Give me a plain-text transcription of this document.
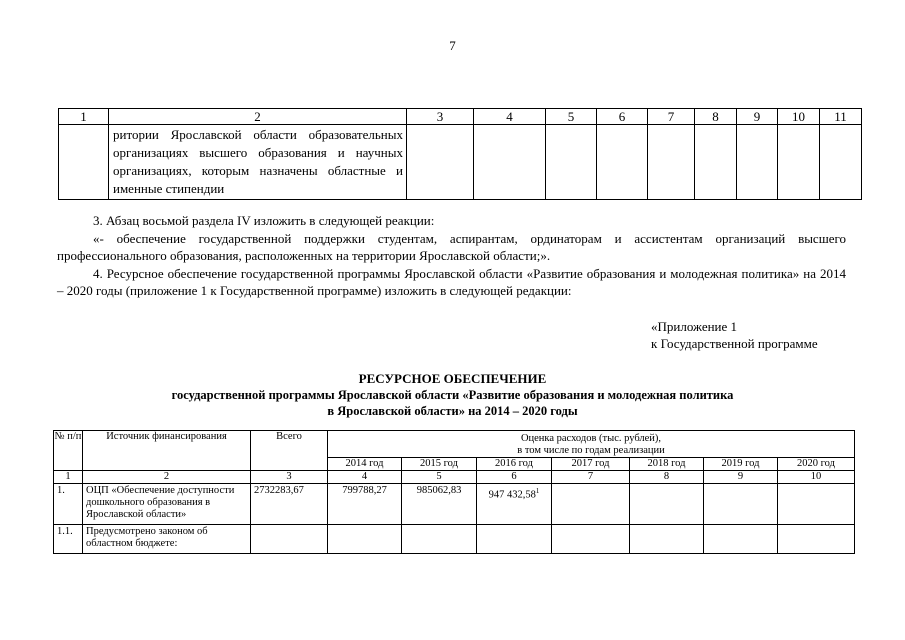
7
1	2	3	4	5	6	7	8	9	10	11
	ритории Ярославской области образовательных организациях высшего образования и научных организациях, которым назначены областные и именные стипендии									

3. Абзац восьмой раздела IV изложить в следующей реакции:

«- обеспечение государственной поддержки студентам, аспирантам, ординаторам и ассистентам организаций высшего профессионального образования, расположенных на территории Ярославской области;».

4. Ресурсное обеспечение государственной программы Ярославской области «Развитие образования и молодежная политика» на 2014 – 2020 годы (приложение 1 к Государственной программе) изложить в следующей редакции:

«Приложение 1
к Государственной программе
РЕСУРСНОЕ ОБЕСПЕЧЕНИЕ
государственной программы Ярославской области «Развитие образования и молодежная политика
в Ярославской области» на 2014 – 2020 годы
№ п/п	Источник финансирования	Всего	Оценка расходов (тыс. рублей),
в том числе по годам реализации						

			2014 год	2015 год	2016 год	2017 год	2018 год	2019 год	2020 год
1	2	3	4	5	6	7	8	9	10
1.	ОЦП «Обеспечение доступности дошкольного образования в Ярославской области»	2732283,67	799788,27	985062,83	947 432,58$^1$				
1.1.	Предусмотрено законом об областном бюджете:								
